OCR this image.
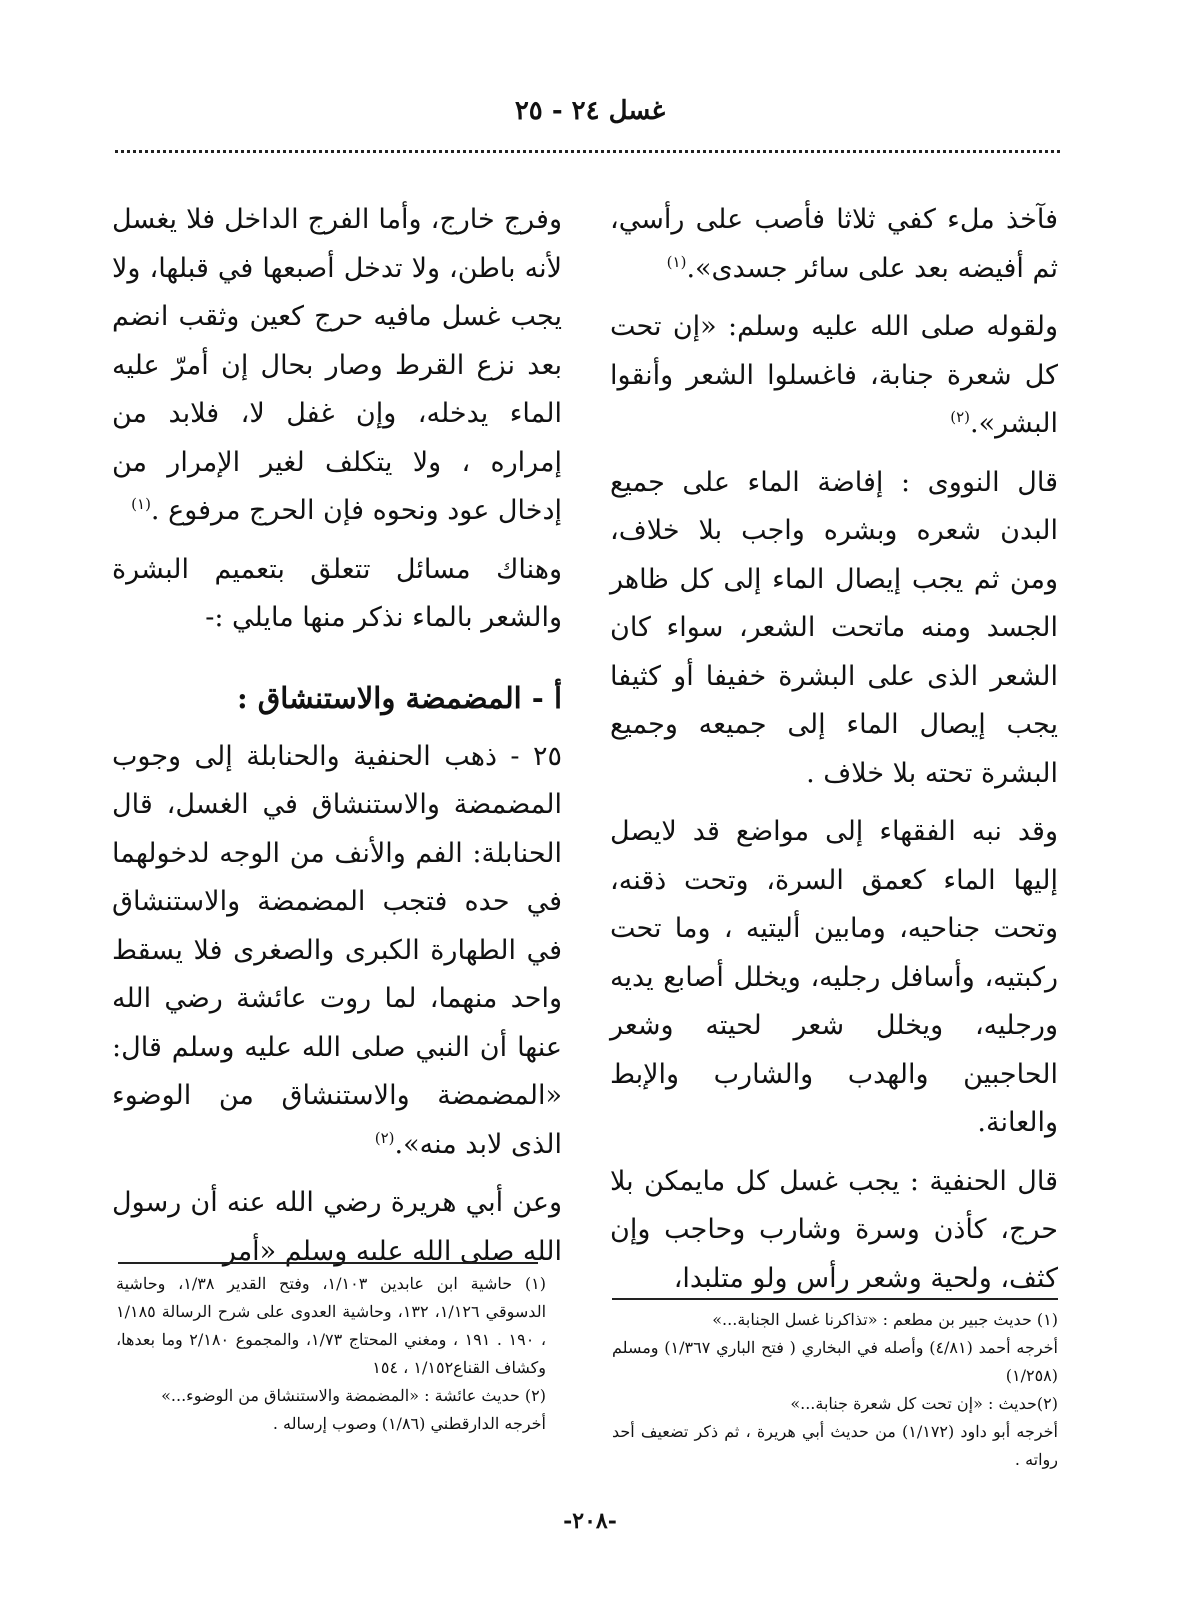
غسل ٢٤ - ٢٥

فآخذ ملء كفي ثلاثا فأصب على رأسي، ثم أفيضه بعد على سائر جسدى».$^{(١)}$

ولقوله صلى الله عليه وسلم: «إن تحت كل شعرة جنابة، فاغسلوا الشعر وأنقوا البشر».$^{(٢)}$

قال النووى : إفاضة الماء على جميع البدن شعره وبشره واجب بلا خلاف، ومن ثم يجب إيصال الماء إلى كل ظاهر الجسد ومنه ماتحت الشعر، سواء كان الشعر الذى على البشرة خفيفا أو كثيفا يجب إيصال الماء إلى جميعه وجميع البشرة تحته بلا خلاف .

وقد نبه الفقهاء إلى مواضع قد لايصل إليها الماء كعمق السرة، وتحت ذقنه، وتحت جناحيه، ومابين أليتيه ، وما تحت ركبتيه، وأسافل رجليه، ويخلل أصابع يديه ورجليه، ويخلل شعر لحيته وشعر الحاجبين والهدب والشارب والإبط والعانة.

قال الحنفية : يجب غسل كل مايمكن بلا حرج، كأذن وسرة وشارب وحاجب وإن كثف، ولحية وشعر رأس ولو متلبدا،

وفرج خارج، وأما الفرج الداخل فلا يغسل لأنه باطن، ولا تدخل أصبعها في قبلها، ولا يجب غسل مافيه حرج كعين وثقب انضم بعد نزع القرط وصار بحال إن أمرّ عليه الماء يدخله، وإن غفل لا، فلابد من إمراره ، ولا يتكلف لغير الإمرار من إدخال عود ونحوه فإن الحرج مرفوع .$^{(١)}$

وهناك مسائل تتعلق بتعميم البشرة والشعر بالماء نذكر منها مايلي :-

أ - المضمضة والاستنشاق :

٢٥ - ذهب الحنفية والحنابلة إلى وجوب المضمضة والاستنشاق في الغسل، قال الحنابلة: الفم والأنف من الوجه لدخولهما في حده فتجب المضمضة والاستنشاق في الطهارة الكبرى والصغرى فلا يسقط واحد منهما، لما روت عائشة رضي الله عنها أن النبي صلى الله عليه وسلم قال: «المضمضة والاستنشاق من الوضوء الذى لابد منه».$^{(٢)}$

وعن أبي هريرة رضي الله عنه أن رسول الله صلى الله عليه وسلم «أمر

(١) حديث جبير بن مطعم : «تذاكرنا غسل الجنابة...»

أخرجه أحمد (٤/٨١) وأصله في البخاري ( فتح الباري ١/٣٦٧) ومسلم (١/٢٥٨)

(٢)حديث : «إن تحت كل شعرة جنابة...»

أخرجه أبو داود (١/١٧٢) من حديث أبي هريرة ، ثم ذكر تضعيف أحد رواته .

(١) حاشية ابن عابدين ١/١٠٣، وفتح القدير ١/٣٨، وحاشية الدسوقي ١/١٢٦، ١٣٢، وحاشية العدوى على شرح الرسالة ١/١٨٥ ، ١٩٠ . ١٩١ ، ومغني المحتاج ١/٧٣، والمجموع ٢/١٨٠ وما بعدها، وكشاف القناع١/١٥٢ ، ١٥٤

(٢) حديث عائشة : «المضمضة والاستنشاق من الوضوء...»

أخرجه الدارقطني (١/٨٦) وصوب إرساله .

-٢٠٨-
